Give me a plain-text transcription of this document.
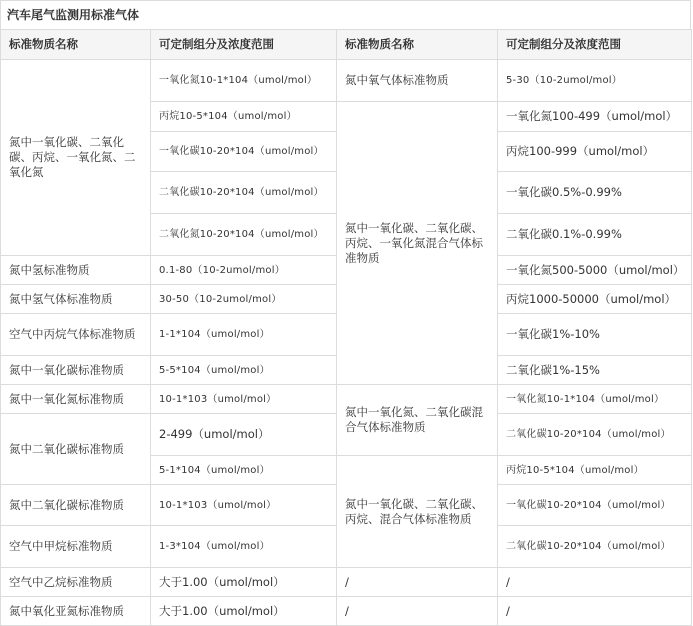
汽车尾气监测用标准气体
标准物质名称	可定制组分及浓度范围	标准物质名称	可定制组分及浓度范围
氮中一氧化碳、二氧化碳、丙烷、一氧化氮、二氧化氮	一氧化氮10-1*104（umol/mol）	氮中氧气体标准物质	5-30（10-2umol/mol）
	丙烷10-5*104（umol/mol）	氮中一氧化碳、二氧化碳、丙烷、一氧化氮混合气体标准物质	一氧化氮100-499（umol/mol）
	一氧化碳10-20*104（umol/mol）		丙烷100-999（umol/mol）
	二氧化碳10-20*104（umol/mol）		一氧化碳0.5%-0.99%
	二氧化氮10-20*104（umol/mol）		二氧化碳0.1%-0.99%
氮中氢标准物质	0.1-80（10-2umol/mol）		一氧化氮500-5000（umol/mol）
氮中氢气体标准物质	30-50（10-2umol/mol）		丙烷1000-50000（umol/mol）
空气中丙烷气体标准物质	1-1*104（umol/mol）		一氧化碳1%-10%
氮中一氧化碳标准物质	5-5*104（umol/mol）		二氧化碳1%-15%
氮中一氧化氮标准物质	10-1*103（umol/mol）	氮中一氧化氮、二氧化碳混合气体标准物质	一氧化氮10-1*104（umol/mol）
氮中二氧化碳标准物质	2-499（umol/mol）		二氧化碳10-20*104（umol/mol）
	5-1*104（umol/mol）	氮中一氧化碳、二氧化碳、丙烷、混合气体标准物质	丙烷10-5*104（umol/mol）
氮中二氧化碳标准物质	10-1*103（umol/mol）		一氧化碳10-20*104（umol/mol）
空气中甲烷标准物质	1-3*104（umol/mol）		二氧化碳10-20*104（umol/mol）
空气中乙烷标准物质	大于1.00（umol/mol）	/	/
氮中氧化亚氮标准物质	大于1.00（umol/mol）	/	/
